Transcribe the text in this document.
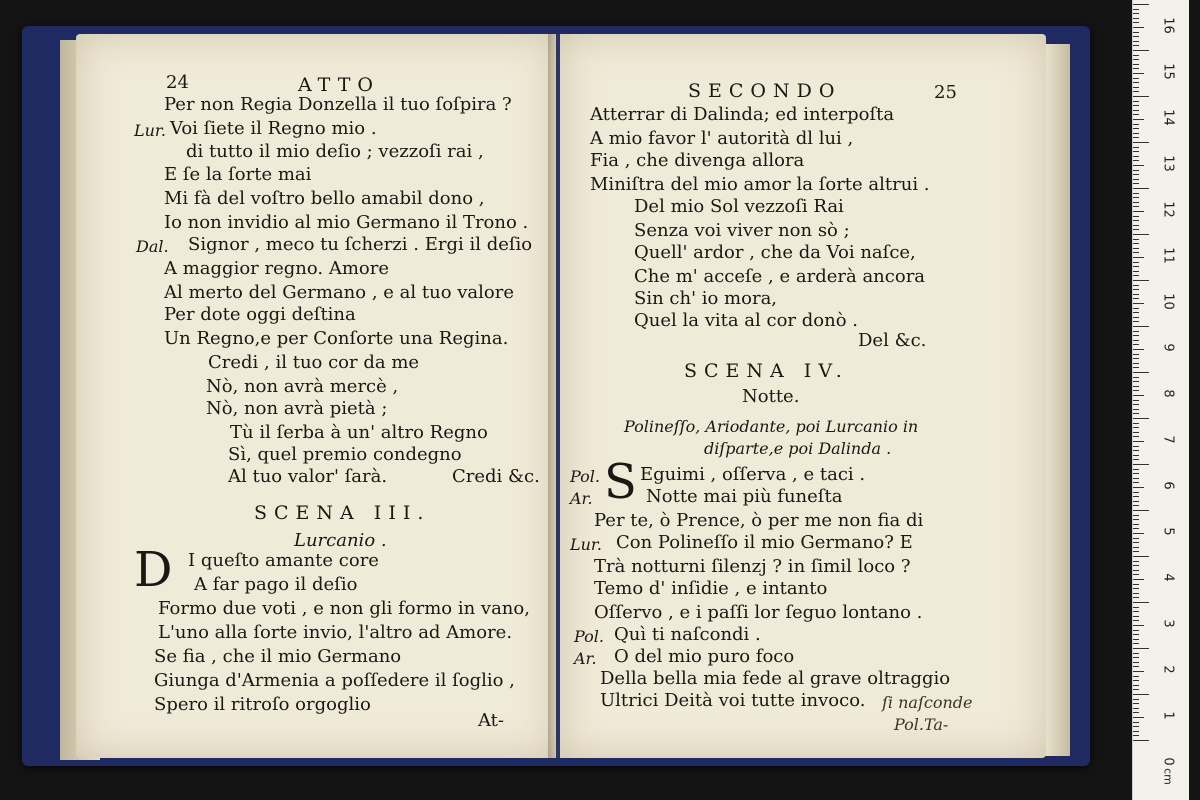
24	ATTO
Per non Regia Donzella il tuo ſoſpira ?
Lur. Voi ſiete il Regno mio .
di tutto il mio deſio ; vezzoſi rai ,
E ſe la ſorte mai
Mi fà del voſtro bello amabil dono ,
Io non invidio al mio Germano il Trono .
Dal. Signor , meco tu ſcherzi . Ergi il deſio
A maggior regno. Amore
Al merto del Germano , e al tuo valore
Per dote oggi deſtina
Un Regno,e per Conſorte una Regina.
Credi , il tuo cor da me
Nò, non avrà mercè ,
Nò, non avrà pietà ;
Tù il ſerba à un' altro Regno
Sì, quel premio condegno
Al tuo valor' ſarà.	Credi &c.
SCENA III.
Lurcanio .
D I queſto amante core
A far pago il deſio
Formo due voti , e non gli formo in vano,
L'uno alla ſorte invio, l'altro ad Amore.
Se fia , che il mio Germano
Giunga d'Armenia a poſſedere il ſoglio ,
Spero il ritroſo orgoglio
At-
SECONDO	25
Atterrar di Dalinda; ed interpoſta
A mio favor l' autorità dl lui ,
Fia , che divenga allora
Miniſtra del mio amor la ſorte altrui .
Del mio Sol vezzoſi Rai
Senza voi viver non sò ;
Quell' ardor , che da Voi naſce,
Che m' acceſe , e arderà ancora
Sin ch' io mora,
Quel la vita al cor donò .
Del &c.
SCENA IV.
Notte.
Polineſſo, Ariodante, poi Lurcanio in
diſparte,e poi Dalinda .
S
Pol. Eguimi , oſſerva , e taci .
Ar.	Notte mai più funeſta
Per te, ò Prence, ò per me non fia di
Lur. Con Polineſſo il mio Germano? E
Trà notturni ſilenzj ? in ſimil loco ?
Temo d' inſidie , e intanto
Oſſervo , e i paſſi lor ſeguo lontano .
Pol. Quì ti naſcondi .
Ar. O del mio puro foco
Della bella mia fede al grave oltraggio
Ultrici Deità voi tutte invoco. ſi naſconde
Pol.Ta-
16
15
14
13
12
11
10
9
8
7
6
5
4
3
2
1
0
cm
